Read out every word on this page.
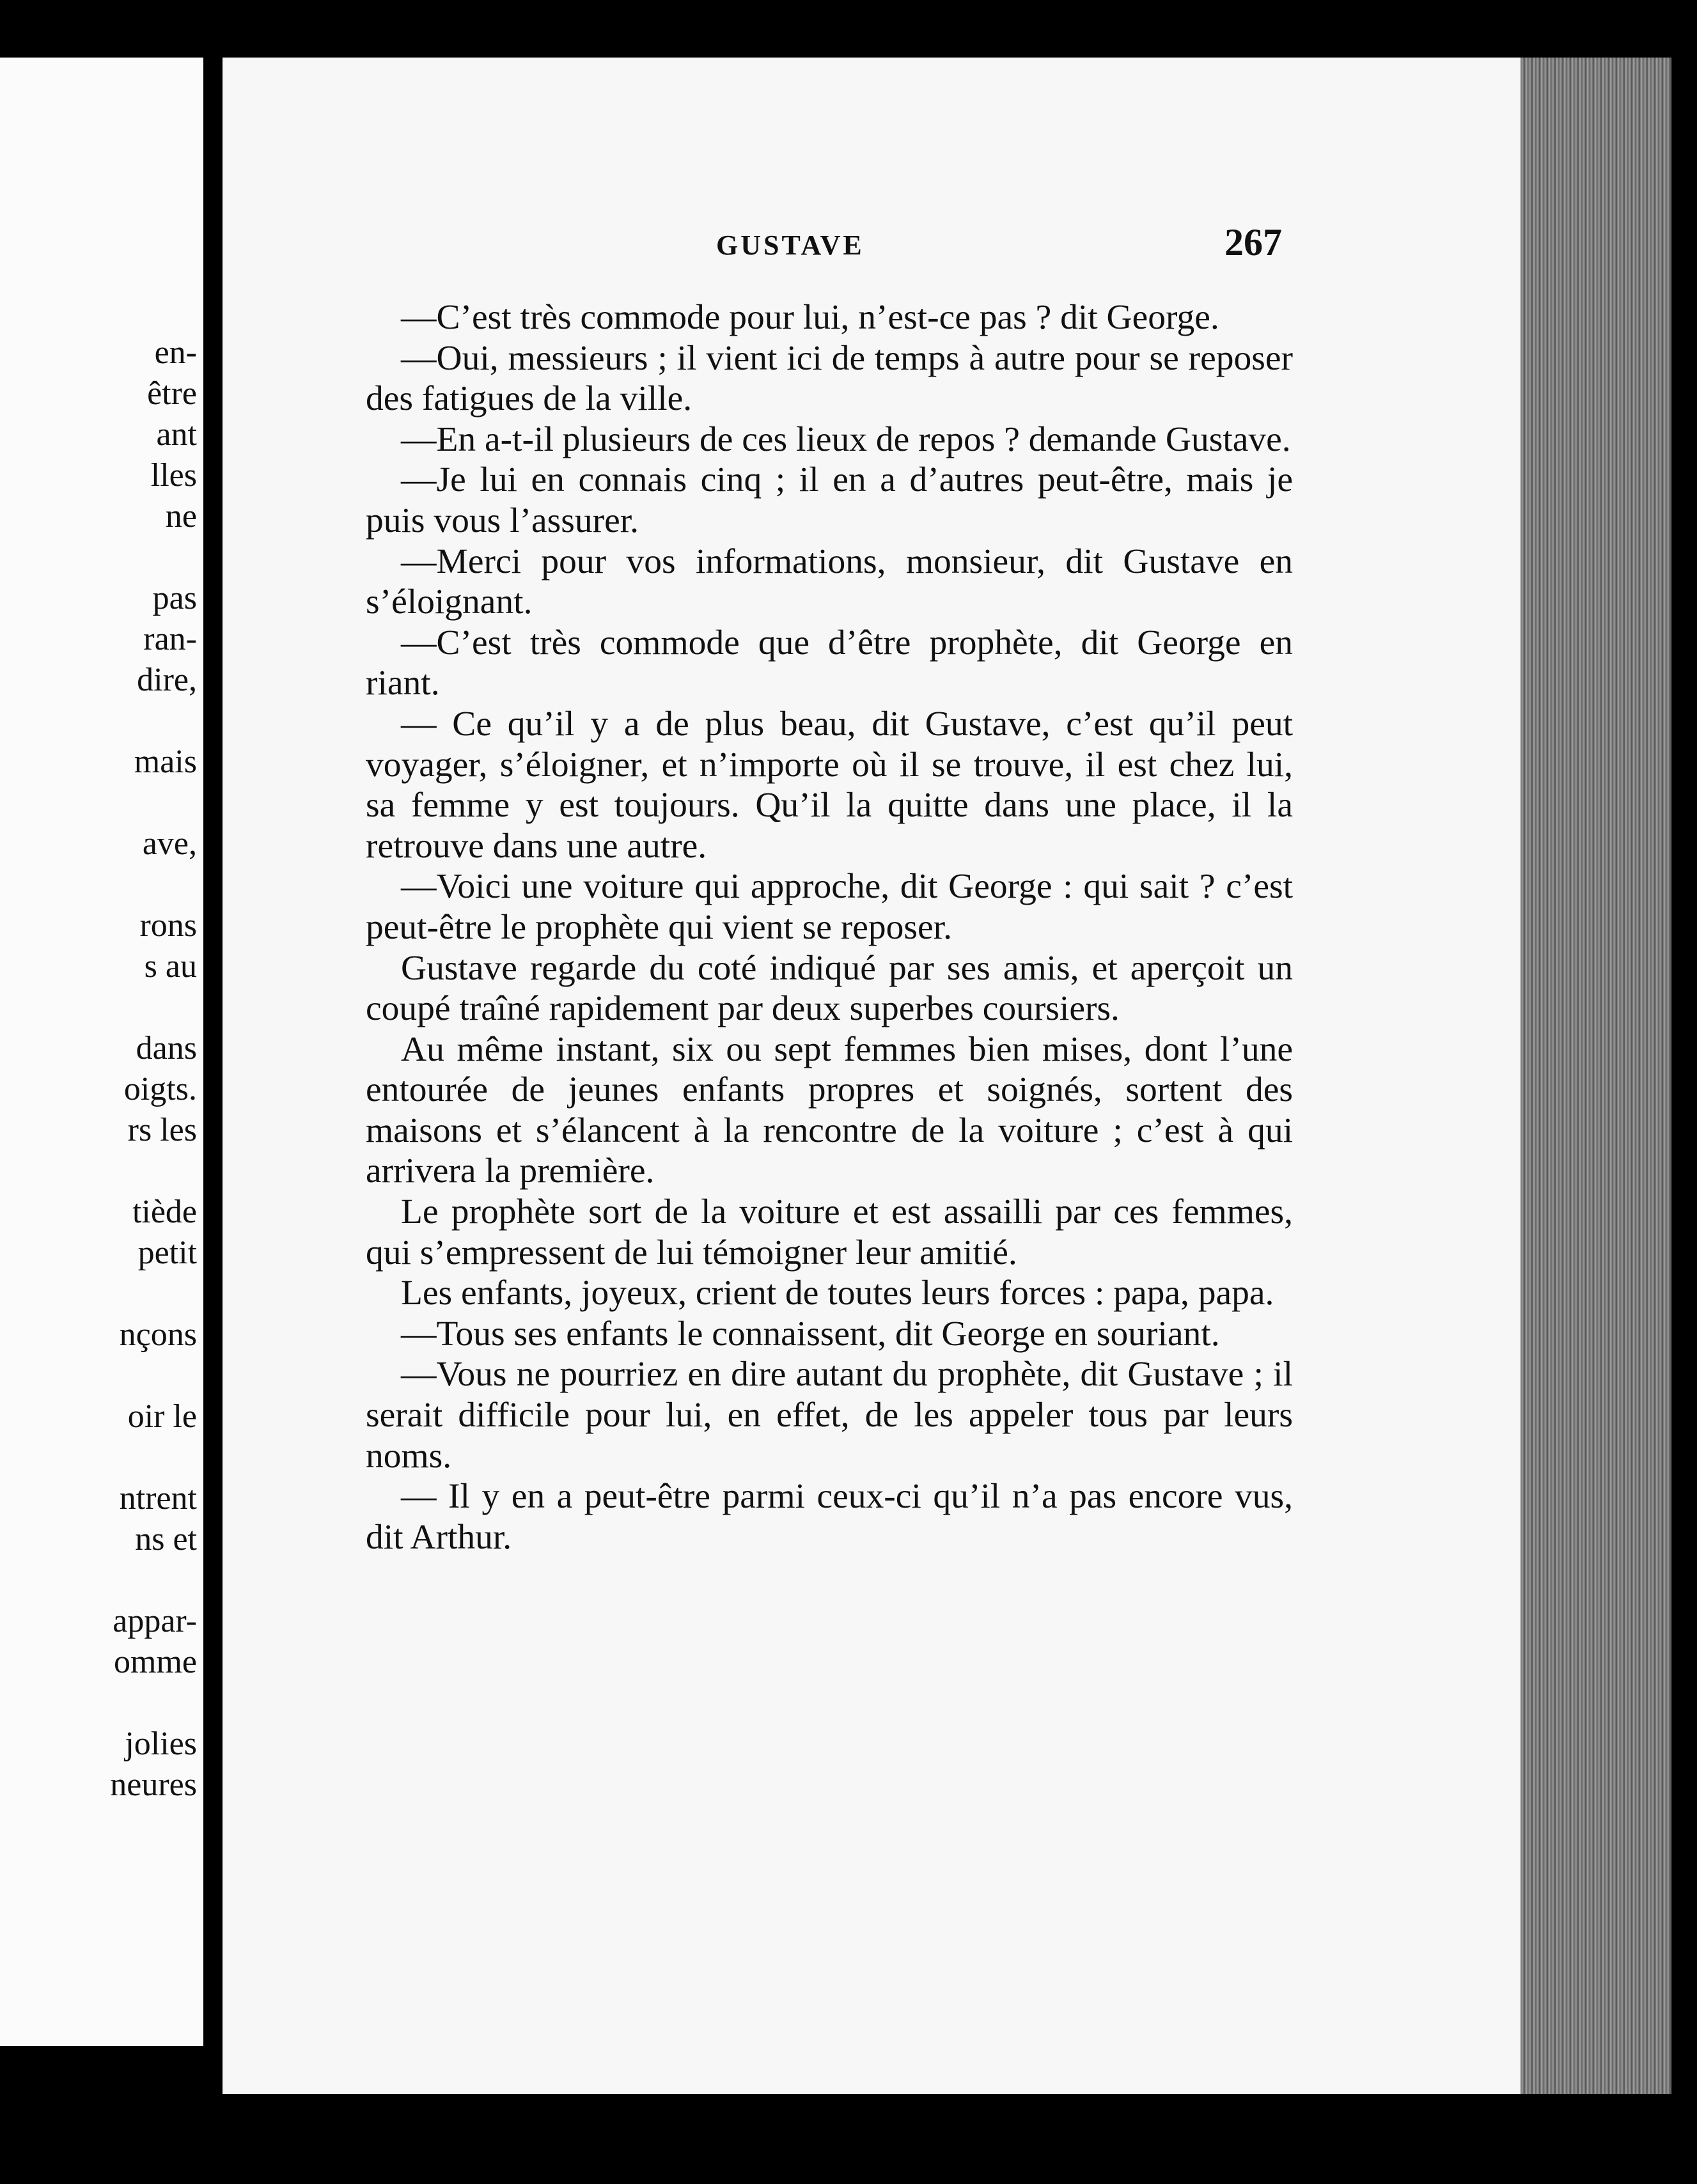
en-
être
ant
lles
ne
pas
ran-
dire,
mais
ave,
rons
s au
dans
oigts.
rs les
tiède
petit
nçons
oir le
ntrent
ns et
appar-
omme
jolies
neures
GUSTAVE	267

—C’est très commode pour lui, n’est-ce pas ? dit George.

—Oui, messieurs ; il vient ici de temps à autre pour se reposer des fatigues de la ville.

—En a-t-il plusieurs de ces lieux de repos ? demande Gustave.

—Je lui en connais cinq ; il en a d’autres peut-être, mais je puis vous l’assurer.

—Merci pour vos informations, monsieur, dit Gustave en s’éloignant.

—C’est très commode que d’être prophète, dit George en riant.

— Ce qu’il y a de plus beau, dit Gustave, c’est qu’il peut voyager, s’éloigner, et n’importe où il se trouve, il est chez lui, sa femme y est toujours. Qu’il la quitte dans une place, il la retrouve dans une autre.

—Voici une voiture qui approche, dit George : qui sait ? c’est peut-être le prophète qui vient se reposer.

Gustave regarde du coté indiqué par ses amis, et aperçoit un coupé traîné rapidement par deux superbes coursiers.

Au même instant, six ou sept femmes bien mises, dont l’une entourée de jeunes enfants propres et soignés, sortent des maisons et s’élancent à la rencontre de la voiture ; c’est à qui arrivera la première.

Le prophète sort de la voiture et est assailli par ces femmes, qui s’empressent de lui témoigner leur amitié.

Les enfants, joyeux, crient de toutes leurs forces : papa, papa.

—Tous ses enfants le connaissent, dit George en souriant.

—Vous ne pourriez en dire autant du prophète, dit Gustave ; il serait difficile pour lui, en effet, de les appeler tous par leurs noms.

— Il y en a peut-être parmi ceux-ci qu’il n’a pas encore vus, dit Arthur.
